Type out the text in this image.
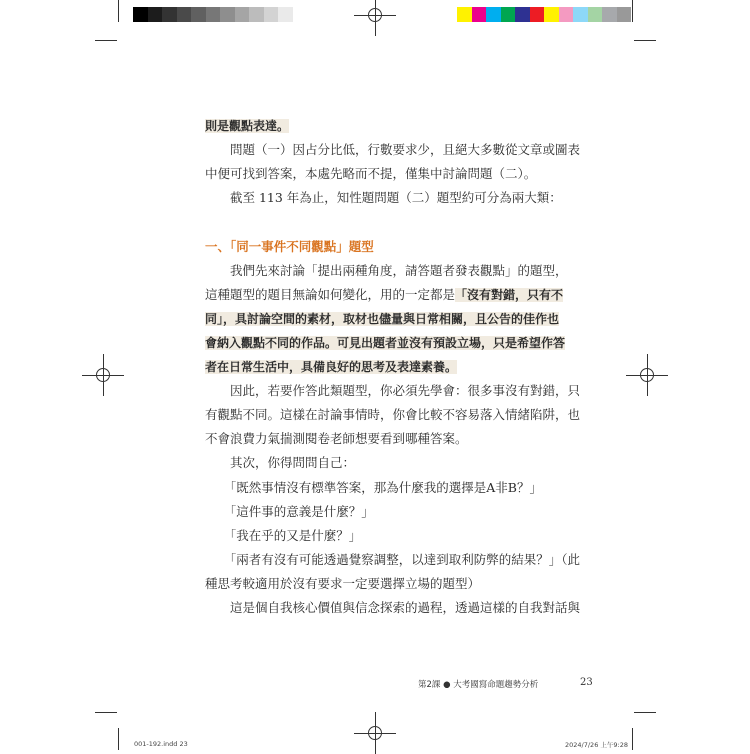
則是觀點表達。
　　問題（一）因占分比低，行數要求少，且絕大多數從文章或圖表
中便可找到答案，本處先略而不提，僅集中討論問題（二）。
　　截至 113 年為止，知性題問題（二）題型約可分為兩大類：
一、「同一事件不同觀點」題型
　　我們先來討論「提出兩種角度，請答題者發表觀點」的題型，
這種題型的題目無論如何變化，用的一定都是「沒有對錯，只有不
同」，具討論空間的素材，取材也儘量與日常相關，且公告的佳作也
會納入觀點不同的作品。可見出題者並沒有預設立場，只是希望作答
者在日常生活中，具備良好的思考及表達素養。
　　因此，若要作答此類題型，你必須先學會：很多事沒有對錯，只
有觀點不同。這樣在討論事情時，你會比較不容易落入情緒陷阱，也
不會浪費力氣揣測閱卷老師想要看到哪種答案。
　　其次，你得問問自己：
　　「既然事情沒有標準答案，那為什麼我的選擇是A非B？」
　　「這件事的意義是什麼？」
　　「我在乎的又是什麼？」
　　「兩者有沒有可能透過覺察調整，以達到取利防弊的結果？」（此
種思考較適用於沒有要求一定要選擇立場的題型）
　　這是個自我核心價值與信念探索的過程，透過這樣的自我對話與
第2課 ● 大考國寫命題趨勢分析	23
001-192.indd 23	2024/7/26 上午9:28
